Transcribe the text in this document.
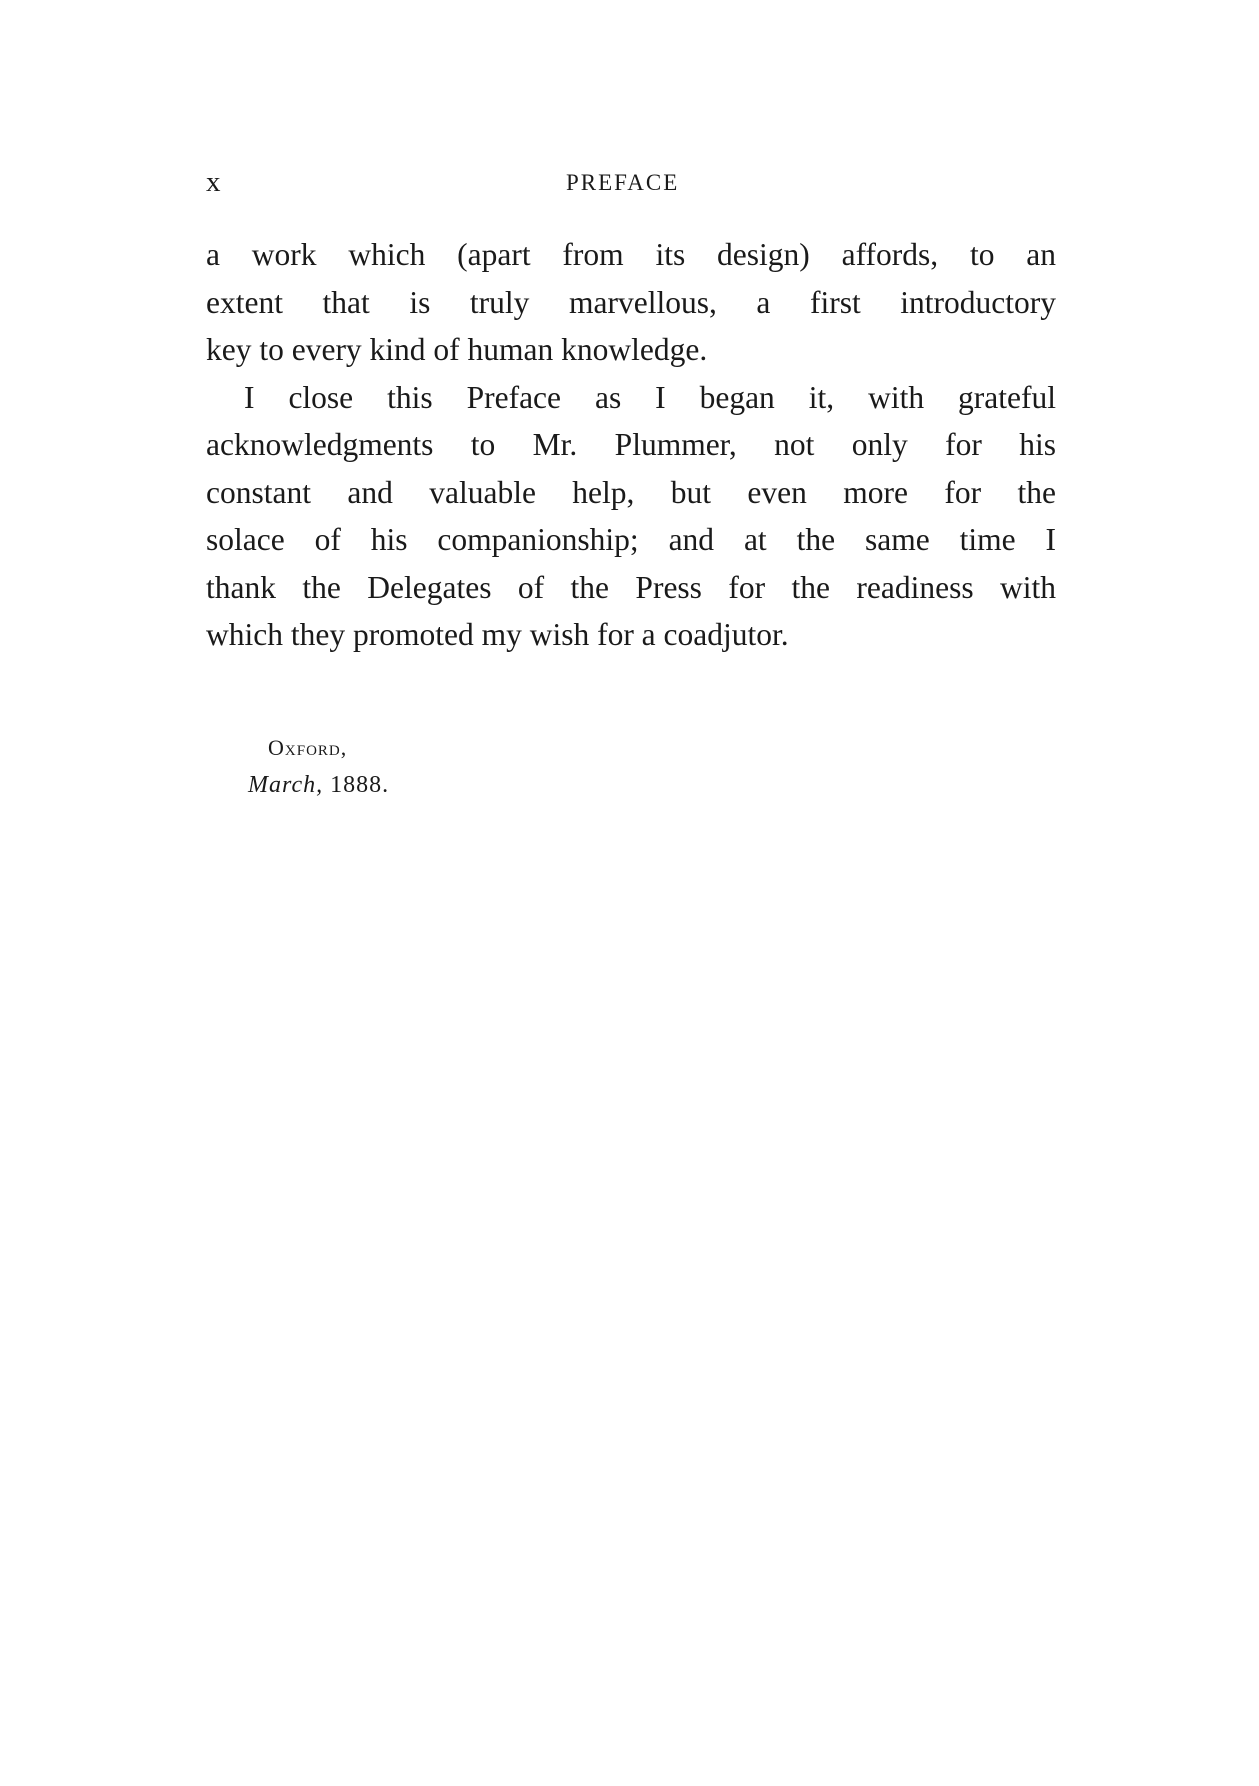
x	PREFACE
a work which (apart from its design) affords, to an
extent that is truly marvellous, a first introductory
key to every kind of human knowledge.
I close this Preface as I began it, with grateful
acknowledgments to Mr. Plummer, not only for his
constant and valuable help, but even more for the
solace of his companionship; and at the same time I
thank the Delegates of the Press for the readiness with
which they promoted my wish for a coadjutor.
Oxford,
March, 1888.
